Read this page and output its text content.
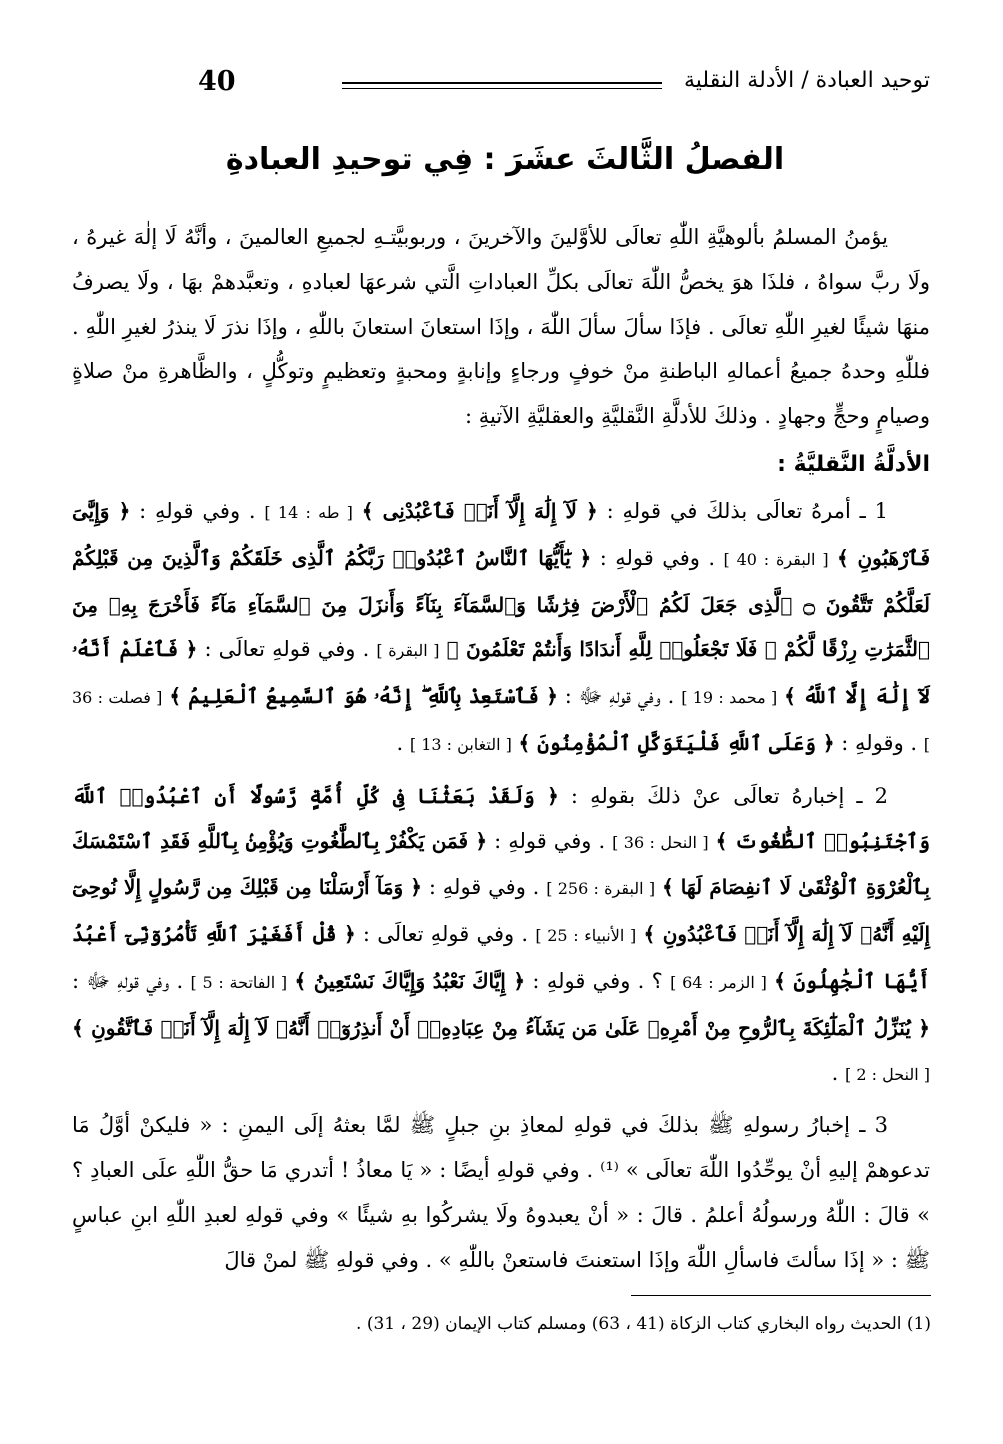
40	توحيد العبادة / الأدلة النقلية
الفصلُ الثَّالثَ عشَرَ : فِي توحيدِ العبادةِ

يؤمنُ المسلمُ بألوهيَّةِ اللّٰهِ تعالَى للأوَّلينَ والآخرينَ ، وربوبيَّتـهِ لجميعِ العالمينَ ، وأنَّهُ لَا إلٰهَ غيرهُ ، ولَا ربَّ سواهُ ، فلذَا هوَ يخصُّ اللّٰهَ تعالَى بكلِّ العباداتِ الَّتي شرعهَا لعبادهِ ، وتعبَّدهمْ بهَا ، ولَا يصرفُ منهَا شيئًا لغيرِ اللّٰهِ تعالَى . فإذَا سألَ سألَ اللّٰهَ ، وإذَا استعانَ استعانَ باللّٰهِ ، وإذَا نذرَ لَا ينذرُ لغيرِ اللّٰهِ . فللّٰهِ وحدهُ جميعُ أعمالهِ الباطنةِ منْ خوفٍ ورجاءٍ وإنابةٍ ومحبةٍ وتعظيمٍ وتوكُّلٍ ، والظَّاهرةِ منْ صلاةٍ وصيامٍ وحجٍّ وجهادٍ . وذلكَ للأدلَّةِ النَّقليَّةِ والعقليَّةِ الآتيةِ :

الأدلَّةُ النَّقليَّةُ :

1 ـ أمرهُ تعالَى بذلكَ في قولهِ : ﴿ لَآ إِلَٰهَ إِلَّآ أَنَا۠ فَٱعْبُدْنِى ﴾ [ طه : 14 ] . وفي قولهِ : ﴿ وَإِيَّٰىَ فَٱرْهَبُونِ ﴾ [ البقرة : 40 ] . وفي قولهِ : ﴿ يَٰٓأَيُّهَا ٱلنَّاسُ ٱعْبُدُوا۟ رَبَّكُمُ ٱلَّذِى خَلَقَكُمْ وَٱلَّذِينَ مِن قَبْلِكُمْ لَعَلَّكُمْ تَتَّقُونَ ۝ ٱلَّذِى جَعَلَ لَكُمُ ٱلْأَرْضَ فِرَٰشًا وَٱلسَّمَآءَ بِنَآءً وَأَنزَلَ مِنَ ٱلسَّمَآءِ مَآءً فَأَخْرَجَ بِهِۦ مِنَ ٱلثَّمَرَٰتِ رِزْقًا لَّكُمْ ۖ فَلَا تَجْعَلُوا۟ لِلَّهِ أَندَادًا وَأَنتُمْ تَعْلَمُونَ ﴾ [ البقرة ] . وفي قولهِ تعالَى : ﴿ فَٱعْلَمْ أَنَّهُۥ لَآ إِلَٰهَ إِلَّا ٱللَّهُ ﴾ [ محمد : 19 ] . وفي قولهِ ﷻ : ﴿ فَٱسْتَعِذْ بِٱللَّهِ ۖ إِنَّهُۥ هُوَ ٱلسَّمِيعُ ٱلْعَلِيمُ ﴾ [ فصلت : 36 ] . وقولهِ : ﴿ وَعَلَى ٱللَّهِ فَلْيَتَوَكَّلِ ٱلْمُؤْمِنُونَ ﴾ [ التغابن : 13 ] .

2 ـ إخبارهُ تعالَى عنْ ذلكَ بقولهِ : ﴿ وَلَقَدْ بَعَثْنَا فِى كُلِّ أُمَّةٍ رَّسُولًا أَنِ ٱعْبُدُوا۟ ٱللَّهَ وَٱجْتَنِبُوا۟ ٱلطَّٰغُوتَ ﴾ [ النحل : 36 ] . وفي قولهِ : ﴿ فَمَن يَكْفُرْ بِٱلطَّٰغُوتِ وَيُؤْمِنۢ بِٱللَّهِ فَقَدِ ٱسْتَمْسَكَ بِٱلْعُرْوَةِ ٱلْوُثْقَىٰ لَا ٱنفِصَامَ لَهَا ﴾ [ البقرة : 256 ] . وفي قولهِ : ﴿ وَمَآ أَرْسَلْنَا مِن قَبْلِكَ مِن رَّسُولٍ إِلَّا نُوحِىٓ إِلَيْهِ أَنَّهُۥ لَآ إِلَٰهَ إِلَّآ أَنَا۠ فَٱعْبُدُونِ ﴾ [ الأنبياء : 25 ] . وفي قولهِ تعالَى : ﴿ قُلْ أَفَغَيْرَ ٱللَّهِ تَأْمُرُوٓنِّىٓ أَعْبُدُ أَيُّهَا ٱلْجَٰهِلُونَ ﴾ [ الزمر : 64 ] ؟ . وفي قولهِ : ﴿ إِيَّاكَ نَعْبُدُ وَإِيَّاكَ نَسْتَعِينُ ﴾ [ الفاتحة : 5 ] . وفي قولهِ ﷻ : ﴿ يُنَزِّلُ ٱلْمَلَٰٓئِكَةَ بِٱلرُّوحِ مِنْ أَمْرِهِۦ عَلَىٰ مَن يَشَآءُ مِنْ عِبَادِهِۦٓ أَنْ أَنذِرُوٓا۟ أَنَّهُۥ لَآ إِلَٰهَ إِلَّآ أَنَا۠ فَٱتَّقُونِ ﴾ [ النحل : 2 ] .

3 ـ إخبارُ رسولهِ ﷺ بذلكَ في قولهِ لمعاذِ بنِ جبلٍ ﷺ لمَّا بعثهُ إلَى اليمنِ : « فليكنْ أوَّلُ مَا تدعوهمْ إليهِ أنْ يوحِّدُوا اللّٰهَ تعالَى » ⁽¹⁾ . وفي قولهِ أيضًا : « يَا معاذُ ! أتدري مَا حقُّ اللّٰهِ علَى العبادِ ؟ » قالَ : اللّٰهُ ورسولُهُ أعلمُ . قالَ : « أنْ يعبدوهُ ولَا يشركُوا بهِ شيئًا » وفي قولهِ لعبدِ اللّٰهِ ابنِ عباسٍ ﷺ : « إذَا سألتَ فاسألِ اللّٰهَ وإذَا استعنتَ فاستعنْ باللّٰهِ » . وفي قولهِ ﷺ لمنْ قالَ

(1) الحديث رواه البخاري كتاب الزكاة (41 ، 63) ومسلم كتاب الإيمان (29 ، 31) .
